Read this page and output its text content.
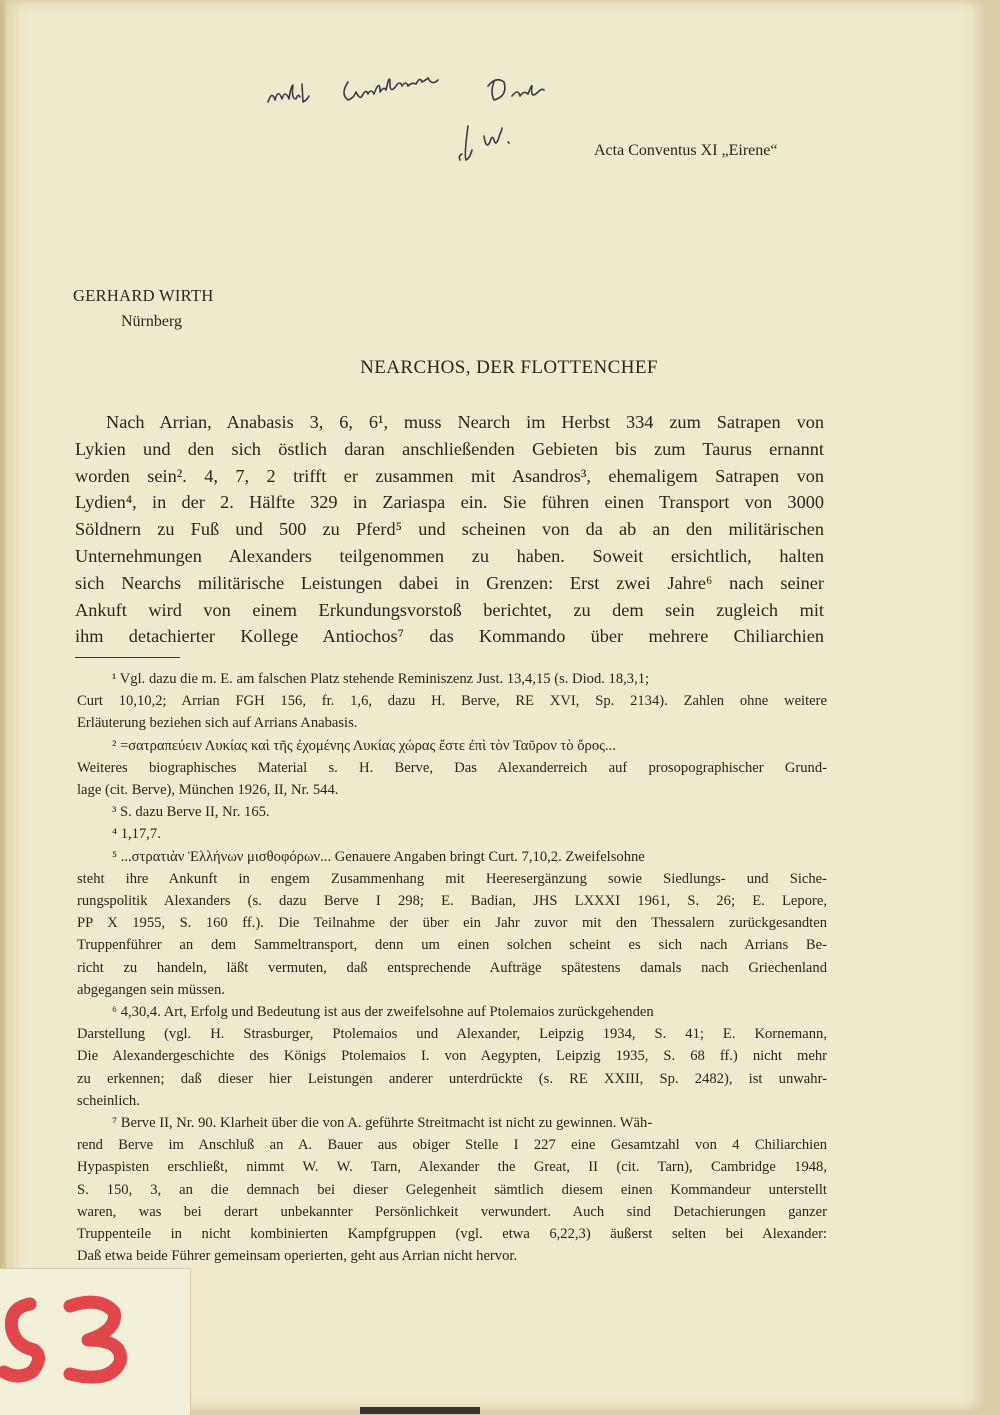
Acta Conventus XI „Eirene“
GERHARD WIRTH
Nürnberg
NEARCHOS, DER FLOTTENCHEF
Nach Arrian, Anabasis 3, 6, 6¹, muss Nearch im Herbst 334 zum Satrapen von
Lykien und den sich östlich daran anschließenden Gebieten bis zum Taurus ernannt
worden sein². 4, 7, 2 trifft er zusammen mit Asandros³, ehemaligem Satrapen von
Lydien⁴, in der 2. Hälfte 329 in Zariaspa ein. Sie führen einen Transport von 3000
Söldnern zu Fuß und 500 zu Pferd⁵ und scheinen von da ab an den militärischen
Unternehmungen Alexanders teilgenommen zu haben. Soweit ersichtlich, halten
sich Nearchs militärische Leistungen dabei in Grenzen: Erst zwei Jahre⁶ nach seiner
Ankuft wird von einem Erkundungsvorstoß berichtet, zu dem sein zugleich mit
ihm detachierter Kollege Antiochos⁷ das Kommando über mehrere Chiliarchien
¹ Vgl. dazu die m. E. am falschen Platz stehende Reminiszenz Just. 13,4,15 (s. Diod. 18,3,1;
Curt 10,10,2; Arrian FGH 156, fr. 1,6, dazu H. Berve, RE XVI, Sp. 2134). Zahlen ohne weitere
Erläuterung beziehen sich auf Arrians Anabasis.
² =σατραπεύειν Λυκίας καὶ τῆς ἐχομένης Λυκίας χώρας ἔστε ἐπὶ τὸν Ταῦρον τὸ ὄρος...
Weiteres biographisches Material s. H. Berve, Das Alexanderreich auf prosopographischer Grund-
lage (cit. Berve), München 1926, II, Nr. 544.
³ S. dazu Berve II, Nr. 165.
⁴ 1,17,7.
⁵ ...στρατιὰν Ἑλλήνων μισθοφόρων... Genauere Angaben bringt Curt. 7,10,2. Zweifelsohne
steht ihre Ankunft in engem Zusammenhang mit Heeresergänzung sowie Siedlungs- und Siche-
rungspolitik Alexanders (s. dazu Berve I 298; E. Badian, JHS LXXXI 1961, S. 26; E. Lepore,
PP X 1955, S. 160 ff.). Die Teilnahme der über ein Jahr zuvor mit den Thessalern zurückgesandten
Truppenführer an dem Sammeltransport, denn um einen solchen scheint es sich nach Arrians Be-
richt zu handeln, läßt vermuten, daß entsprechende Aufträge spätestens damals nach Griechenland
abgegangen sein müssen.
⁶ 4,30,4. Art, Erfolg und Bedeutung ist aus der zweifelsohne auf Ptolemaios zurückgehenden
Darstellung (vgl. H. Strasburger, Ptolemaios und Alexander, Leipzig 1934, S. 41; E. Kornemann,
Die Alexandergeschichte des Königs Ptolemaios I. von Aegypten, Leipzig 1935, S. 68 ff.) nicht mehr
zu erkennen; daß dieser hier Leistungen anderer unterdrückte (s. RE XXIII, Sp. 2482), ist unwahr-
scheinlich.
⁷ Berve II, Nr. 90. Klarheit über die von A. geführte Streitmacht ist nicht zu gewinnen. Wäh-
rend Berve im Anschluß an A. Bauer aus obiger Stelle I 227 eine Gesamtzahl von 4 Chiliarchien
Hypaspisten erschließt, nimmt W. W. Tarn, Alexander the Great, II (cit. Tarn), Cambridge 1948,
S. 150, 3, an die demnach bei dieser Gelegenheit sämtlich diesem einen Kommandeur unterstellt
waren, was bei derart unbekannter Persönlichkeit verwundert. Auch sind Detachierungen ganzer
Truppenteile in nicht kombinierten Kampfgruppen (vgl. etwa 6,22,3) äußerst selten bei Alexander:
Daß etwa beide Führer gemeinsam operierten, geht aus Arrian nicht hervor.
